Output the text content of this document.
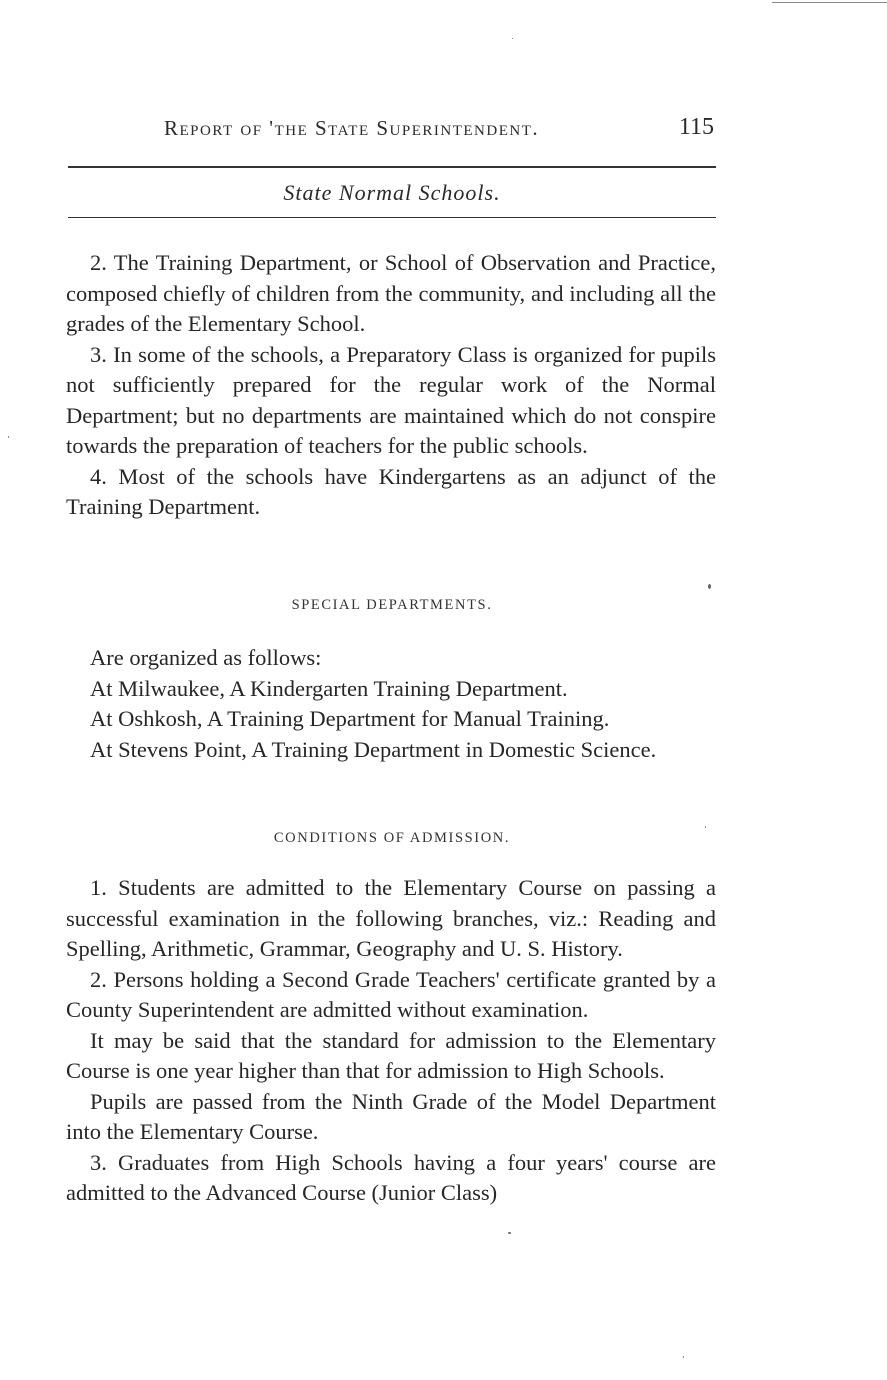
Report of 'the State Superintendent.	115
State Normal Schools.

2. The Training Department, or School of Observation and Practice, composed chiefly of children from the community, and including all the grades of the Elementary School.

3. In some of the schools, a Preparatory Class is organized for pupils not sufficiently prepared for the regular work of the Normal Department; but no departments are maintained which do not conspire towards the preparation of teachers for the public schools.

4. Most of the schools have Kindergartens as an adjunct of the Training Department.

SPECIAL DEPARTMENTS.

Are organized as follows:

At Milwaukee, A Kindergarten Training Department.

At Oshkosh, A Training Department for Manual Training.

At Stevens Point, A Training Department in Domestic Science.

CONDITIONS OF ADMISSION.

1. Students are admitted to the Elementary Course on passing a successful examination in the following branches, viz.: Reading and Spelling, Arithmetic, Grammar, Geography and U. S. History.

2. Persons holding a Second Grade Teachers' certificate granted by a County Superintendent are admitted without examination.

It may be said that the standard for admission to the Elementary Course is one year higher than that for admission to High Schools.

Pupils are passed from the Ninth Grade of the Model Department into the Elementary Course.

3. Graduates from High Schools having a four years' course are admitted to the Advanced Course (Junior Class)
